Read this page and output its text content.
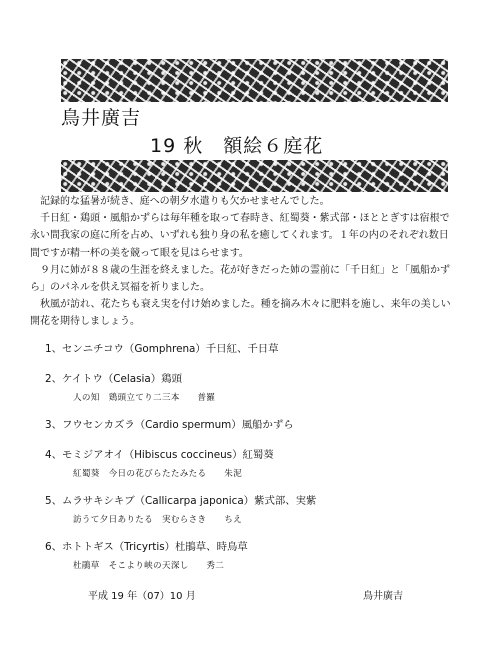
鳥井廣吉
19 秋　額絵６庭花

記録的な猛暑が続き、庭への朝夕水遣りも欠かせませんでした。

千日紅・鶏頭・風船かずらは毎年種を取って春時き、紅蜀葵・紫式部・ほととぎすは宿根で永い間我家の庭に所を占め、いずれも独り身の私を癒してくれます。１年の内のそれぞれ数日間ですが精一杯の美を競って眼を見はらせます。

９月に姉が８８歳の生涯を終えました。花が好きだった姉の霊前に「千日紅」と「風船かずら」のパネルを供え冥福を祈りました。

秋風が訪れ、花たちも衰え実を付け始めました。種を摘み木々に肥料を施し、来年の美しい開花を期待しましょう。

1、センニチコウ（Gomphrena）千日紅、千日草
2、ケイトウ（Celasia）鶏頭
人の知　鶏頭立てり二三本　　普羅
3、フウセンカズラ（Cardio spermum）風船かずら
4、モミジアオイ（Hibiscus coccineus）紅蜀葵
紅蜀葵　今日の花びらたたみたる　　朱泥
5、ムラサキシキブ（Callicarpa japonica）紫式部、実紫
訪うて夕日ありたる　実むらさき　　ちえ
6、ホトトギス（Tricyrtis）杜鵑草、時鳥草
杜鵑草　そこより峡の天深し　　秀二
平成 19 年（07）10 月	鳥井廣吉
